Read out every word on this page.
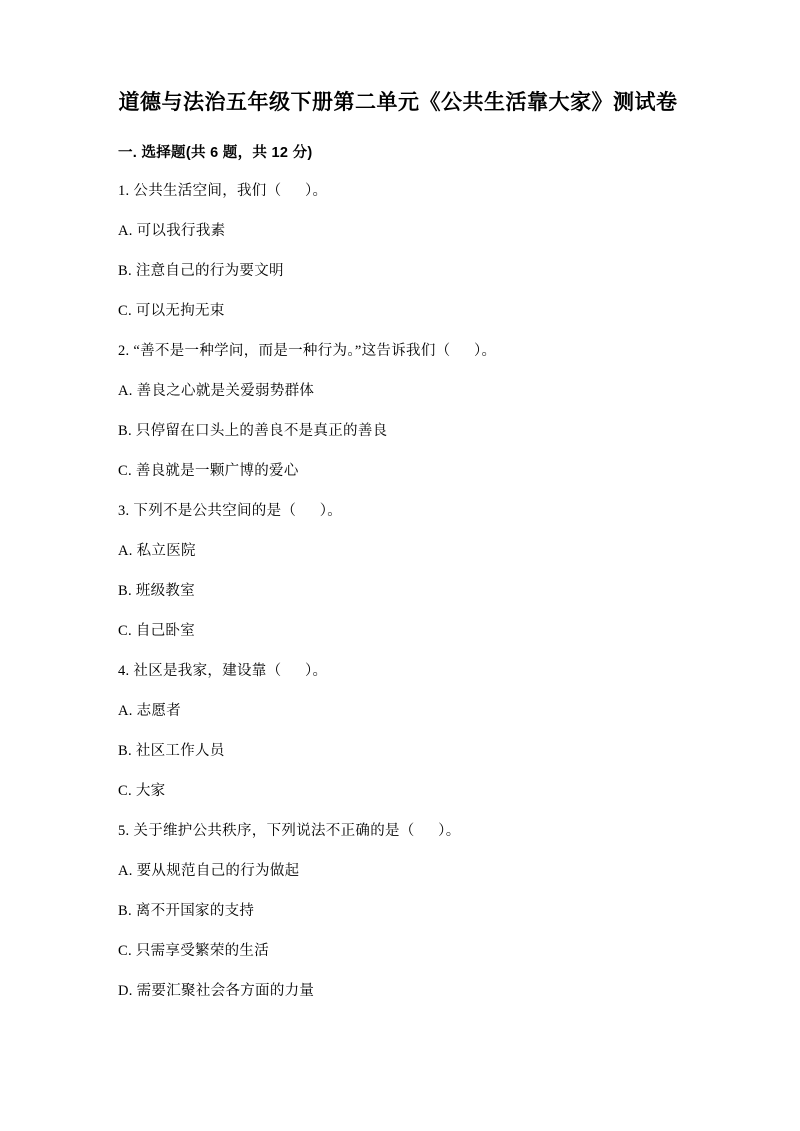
道德与法治五年级下册第二单元《公共生活靠大家》测试卷
一. 选择题(共 6 题，共 12 分)
1. 公共生活空间，我们（      ）。
A. 可以我行我素
B. 注意自己的行为要文明
C. 可以无拘无束
2. “善不是一种学问，而是一种行为。”这告诉我们（      ）。
A. 善良之心就是关爱弱势群体
B. 只停留在口头上的善良不是真正的善良
C. 善良就是一颗广博的爱心
3. 下列不是公共空间的是（      ）。
A. 私立医院
B. 班级教室
C. 自己卧室
4. 社区是我家，建设靠（      ）。
A. 志愿者
B. 社区工作人员
C. 大家
5. 关于维护公共秩序，下列说法不正确的是（      ）。
A. 要从规范自己的行为做起
B. 离不开国家的支持
C. 只需享受繁荣的生活
D. 需要汇聚社会各方面的力量
